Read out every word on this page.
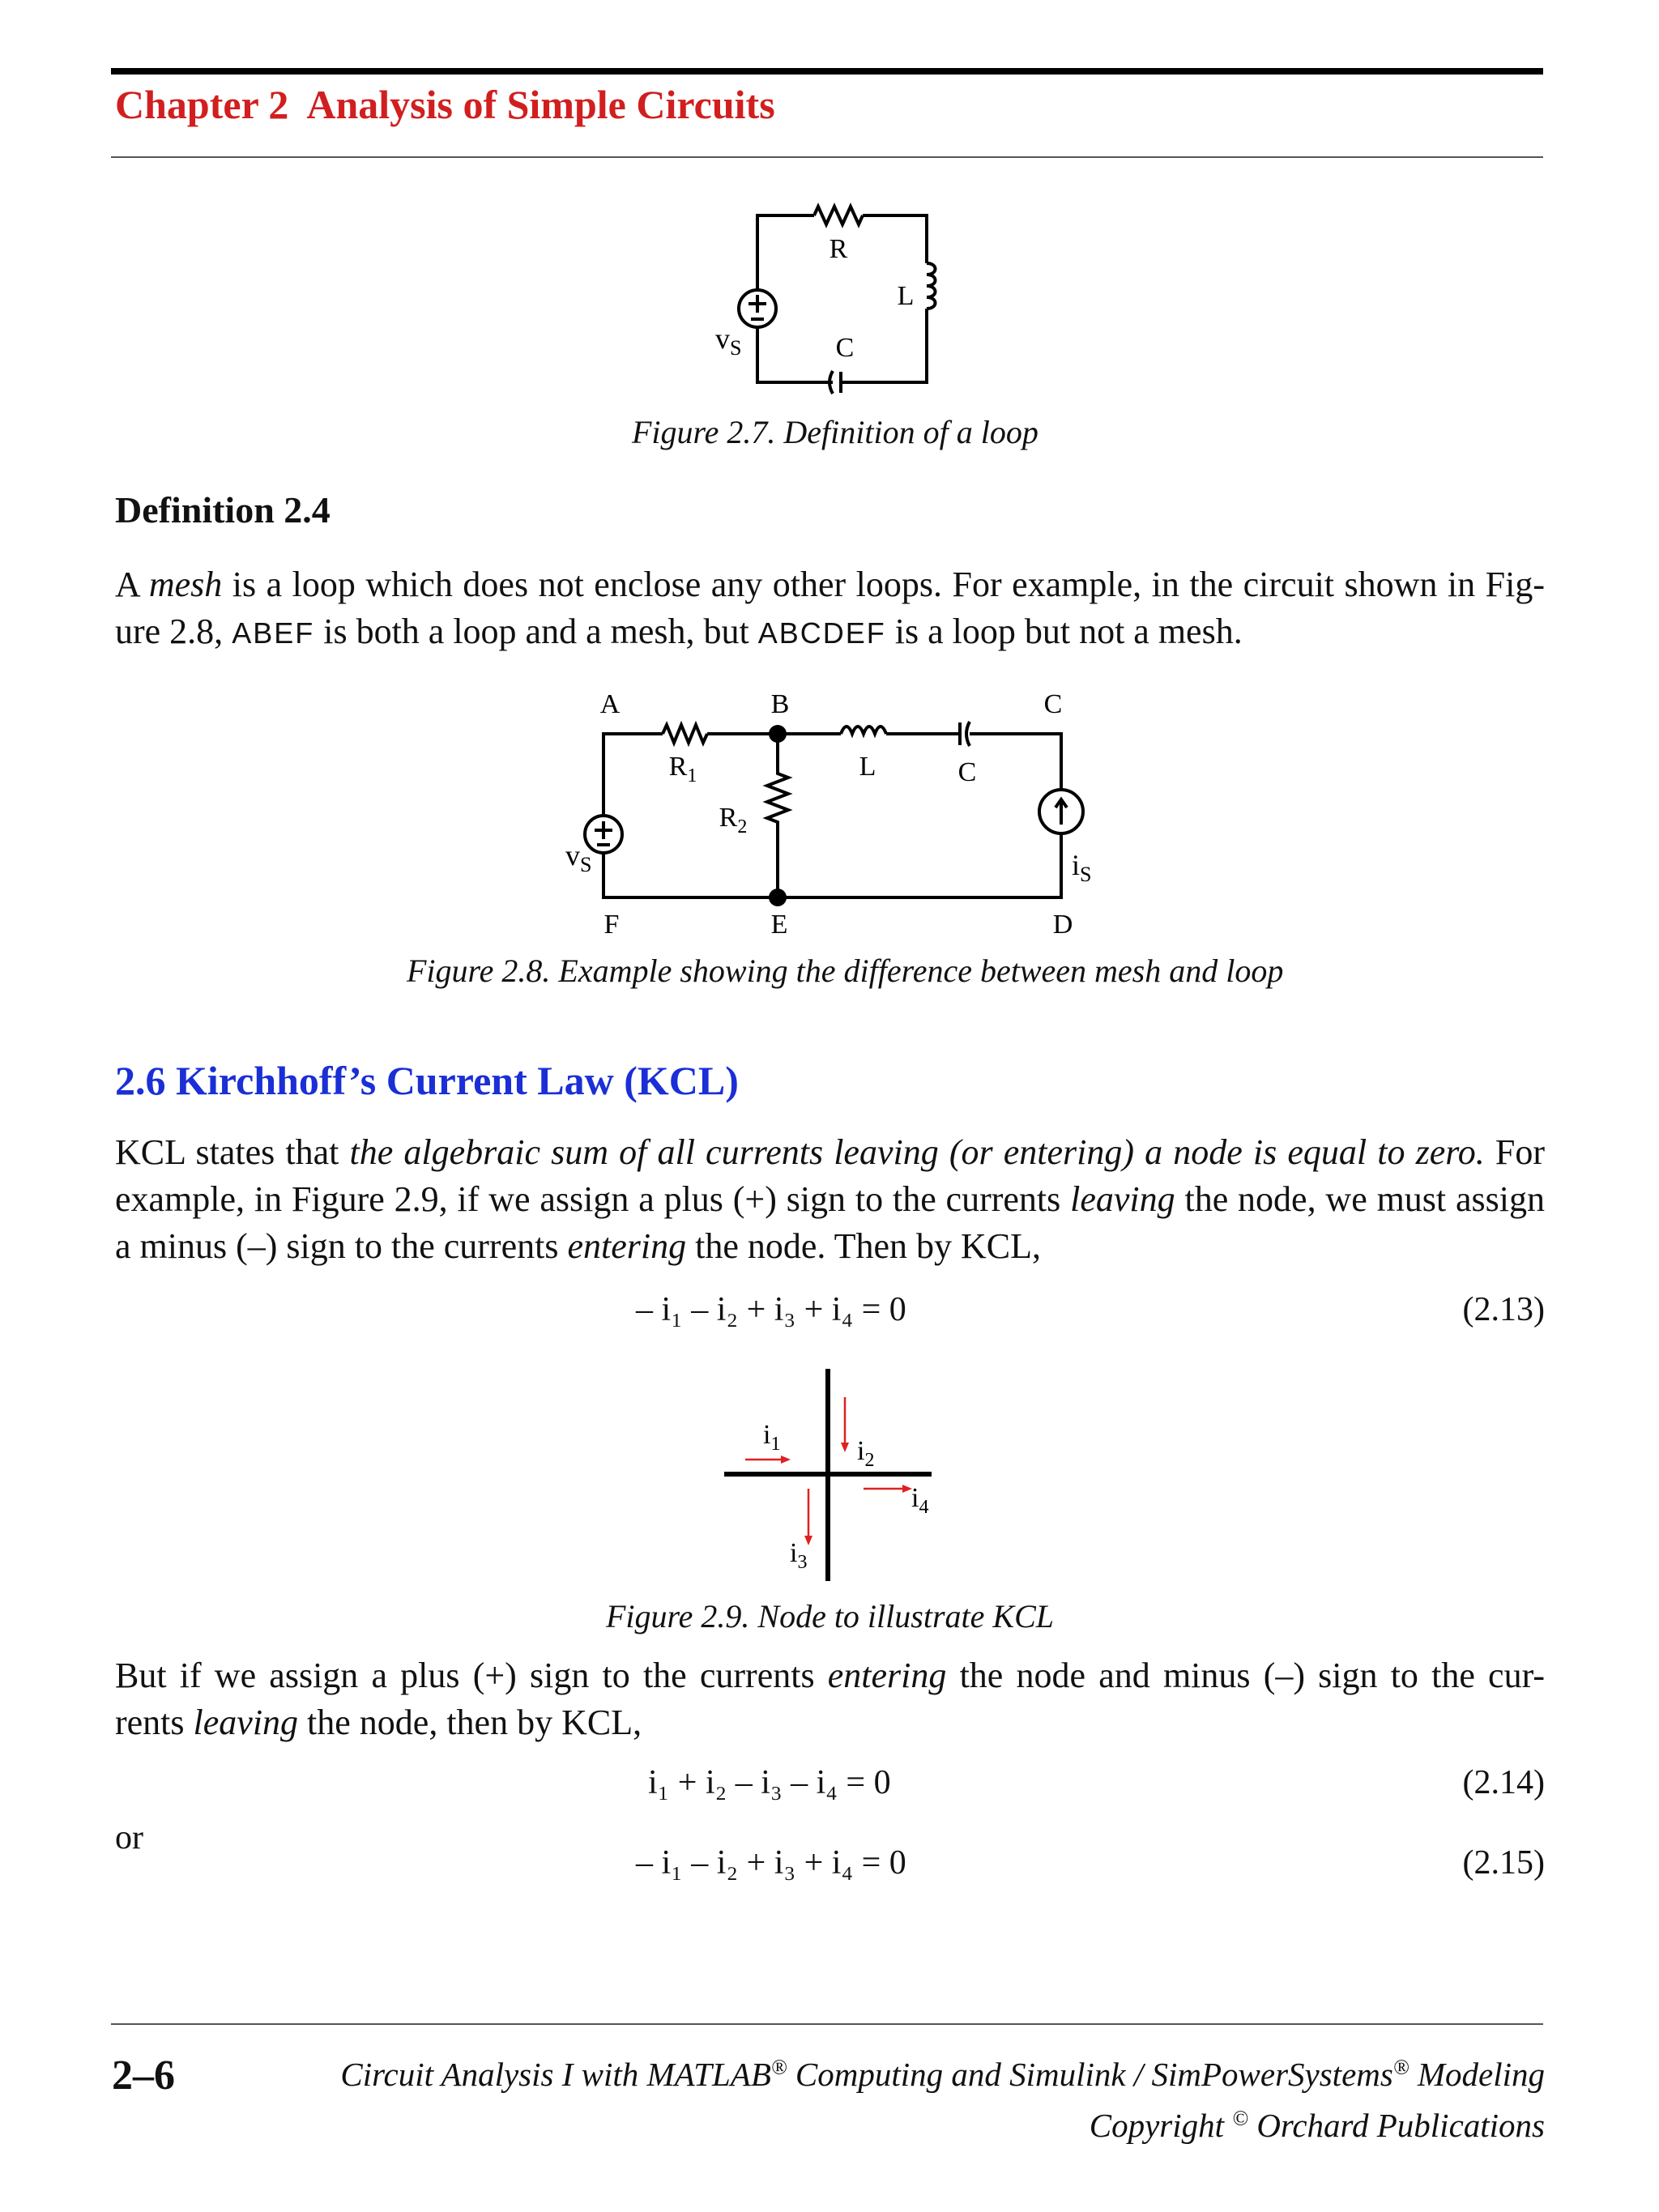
Chapter 2 Analysis of Simple Circuits
R
L
C
$v_S$
Figure 2.7. Definition of a loop
Definition 2.4
A mesh is a loop which does not enclose any other loops. For example, in the circuit shown in Fig-
ure 2.8, ABEF is both a loop and a mesh, but ABCDEF is a loop but not a mesh.
A	B	C
F	E	D
$R_1$
$R_2$
L	C
$v_S$	$i_S$
Figure 2.8. Example showing the difference between mesh and loop
2.6 Kirchhoff’s Current Law (KCL)
KCL states that the algebraic sum of all currents leaving (or entering) a node is equal to zero. For
example, in Figure 2.9, if we assign a plus (+) sign to the currents leaving the node, we must assign
a minus (–) sign to the currents entering the node. Then by KCL,
– i₁ – i₂ + i₃ + i₄ = 0	(2.13)
$i_1$	$i_2$
$i_3$
$i_4$
Figure 2.9. Node to illustrate KCL
But if we assign a plus (+) sign to the currents entering the node and minus (–) sign to the cur-
rents leaving the node, then by KCL,
i₁ + i₂ – i₃ – i₄ = 0	(2.14)
or
– i₁ – i₂ + i₃ + i₄ = 0	(2.15)
2–6	Circuit Analysis I with MATLAB® Computing and Simulink / SimPowerSystems® Modeling
Copyright © Orchard Publications
